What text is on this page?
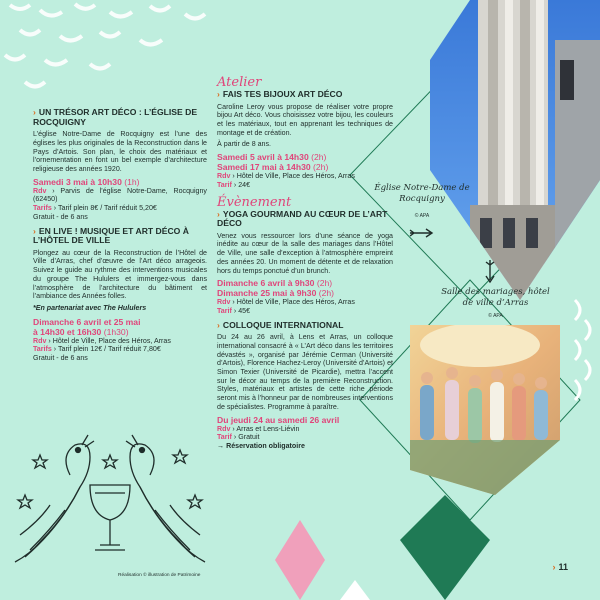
› UN TRÉSOR ART DÉCO : L’ÉGLISE DE ROCQUIGNY

L’église Notre-Dame de Rocquigny est l’une des églises les plus originales de la Reconstruction dans le Pays d’Artois. Son plan, le choix des matériaux et l’ornementation en font un bel exemple d’architecture religieuse des années 1920.

Samedi 3 mai à 10h30 (1h)

Rdv › Parvis de l’église Notre-Dame, Rocquigny (62450)

Tarifs › Tarif plein 8€ / Tarif réduit 5,20€

Gratuit - de 6 ans

› EN LIVE ! MUSIQUE ET ART DÉCO À L’HÔTEL DE VILLE

Plongez au cœur de la Reconstruction de l’Hôtel de Ville d’Arras, chef d’œuvre de l’Art déco arrageois. Suivez le guide au rythme des interventions musicales du groupe The Hululers et immergez-vous dans l’atmosphère de l’architecture du bâtiment et l’ambiance des Années folles.

*En partenariat avec The Hululers

Dimanche 6 avril et 25 mai
à 14h30 et 16h30 (1h30)

Rdv › Hôtel de Ville, Place des Héros, Arras

Tarifs › Tarif plein 12€ / Tarif réduit 7,80€

Gratuit - de 6 ans

Atelier
› FAIS TES BIJOUX ART DÉCO

Caroline Leroy vous propose de réaliser votre propre bijou Art déco. Vous choisissez votre bijou, les couleurs et les matériaux, tout en apprenant les techniques de montage et de création.

À partir de 8 ans.

Samedi 5 avril à 14h30 (2h)
Samedi 17 mai à 14h30 (2h)

Rdv › Hôtel de Ville, Place des Héros, Arras

Tarif › 24€

Évènement
› YOGA GOURMAND AU CŒUR DE L’ART DÉCO

Venez vous ressourcer lors d’une séance de yoga inédite au cœur de la salle des mariages dans l’Hôtel de Ville, une salle d’exception à l’atmosphère empreint des années 20. Un moment de détente et de relaxation hors du temps ponctué d’un brunch.

Dimanche 6 avril à 9h30 (2h)
Dimanche 25 mai à 9h30 (2h)

Rdv › Hôtel de Ville, Place des Héros, Arras

Tarif › 45€

› COLLOQUE INTERNATIONAL

Du 24 au 26 avril, à Lens et Arras, un colloque international consacré à « L’Art déco dans les territoires dévastés », organisé par Jérémie Cerman (Université d’Artois), Florence Hachez-Leroy (Université d’Artois) et Simon Texier (Université de Picardie), mettra l’accent sur le décor au temps de la première Reconstruction. Styles, matériaux et artistes de cette riche période seront mis à l’honneur par de nombreuses interventions de spécialistes. Programme à paraître.

Du jeudi 24 au samedi 26 avril

Rdv › Arras et Lens-Liévin

Tarif › Gratuit

→ Réservation obligatoire

Église Notre-Dame de Rocquigny
© APA
Salle des mariages, hôtel de ville d’Arras
© APA
Réalisation © illustration de Patrimoine
› 11
